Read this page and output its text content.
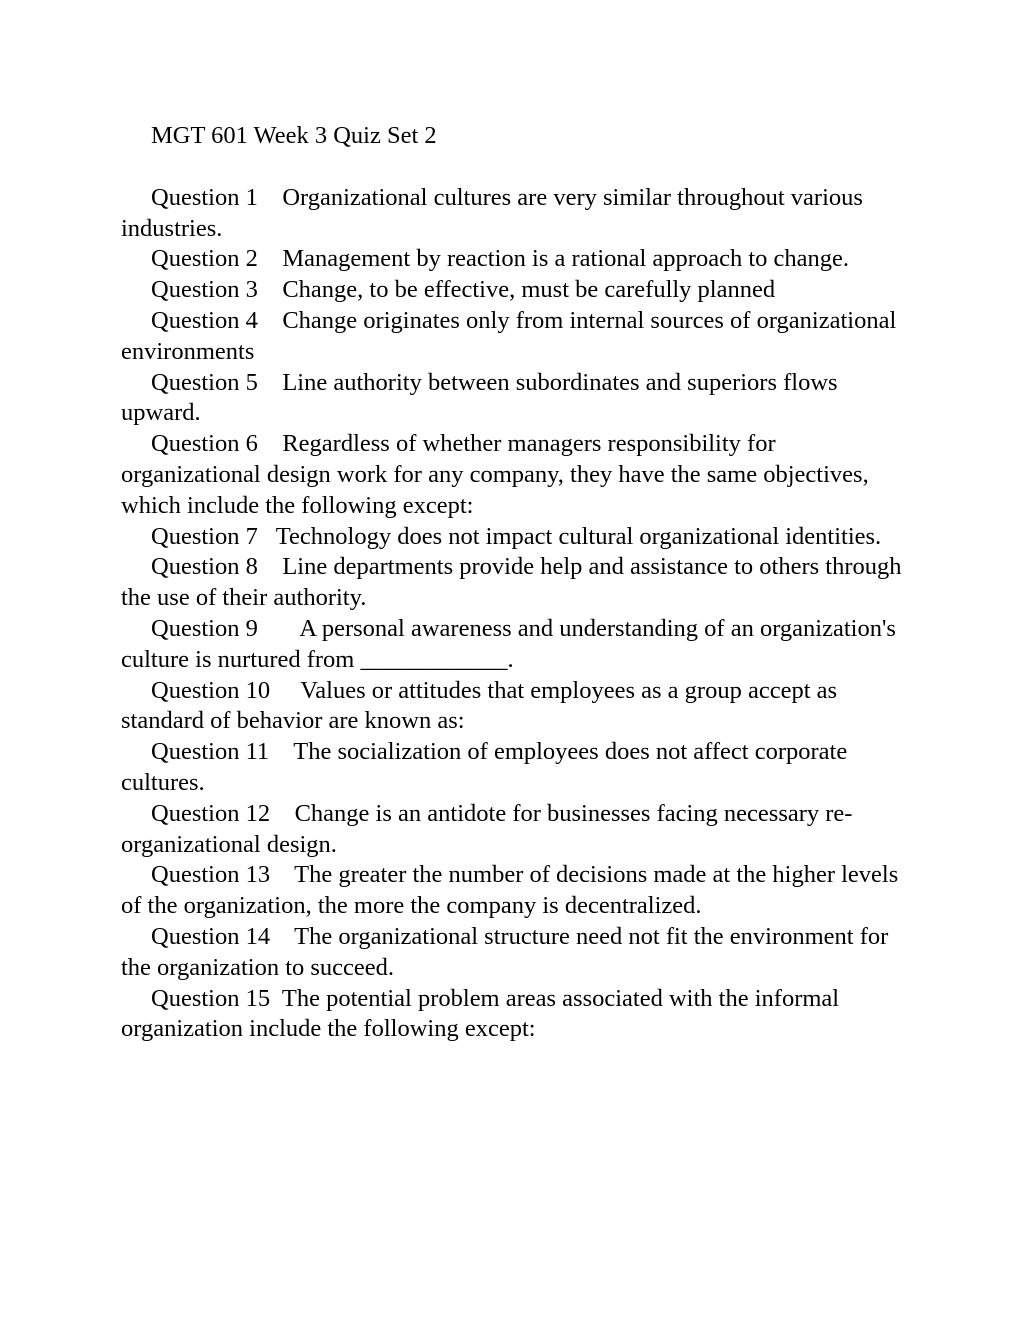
MGT 601 Week 3 Quiz Set 2

Question 1 Organizational cultures are very similar throughout various industries.

Question 2 Management by reaction is a rational approach to change.

Question 3 Change, to be effective, must be carefully planned

Question 4 Change originates only from internal sources of organizational environments

Question 5 Line authority between subordinates and superiors flows upward.

Question 6 Regardless of whether managers responsibility for organizational design work for any company, they have the same objectives, which include the following except:

Question 7 Technology does not impact cultural organizational identities.

Question 8 Line departments provide help and assistance to others through the use of their authority.

Question 9 A personal awareness and understanding of an organization's culture is nurtured from ____________.

Question 10 Values or attitudes that employees as a group accept as standard of behavior are known as:

Question 11 The socialization of employees does not affect corporate cultures.

Question 12 Change is an antidote for businesses facing necessary re-organizational design.

Question 13 The greater the number of decisions made at the higher levels of the organization, the more the company is decentralized.

Question 14 The organizational structure need not fit the environment for the organization to succeed.

Question 15 The potential problem areas associated with the informal organization include the following except:
